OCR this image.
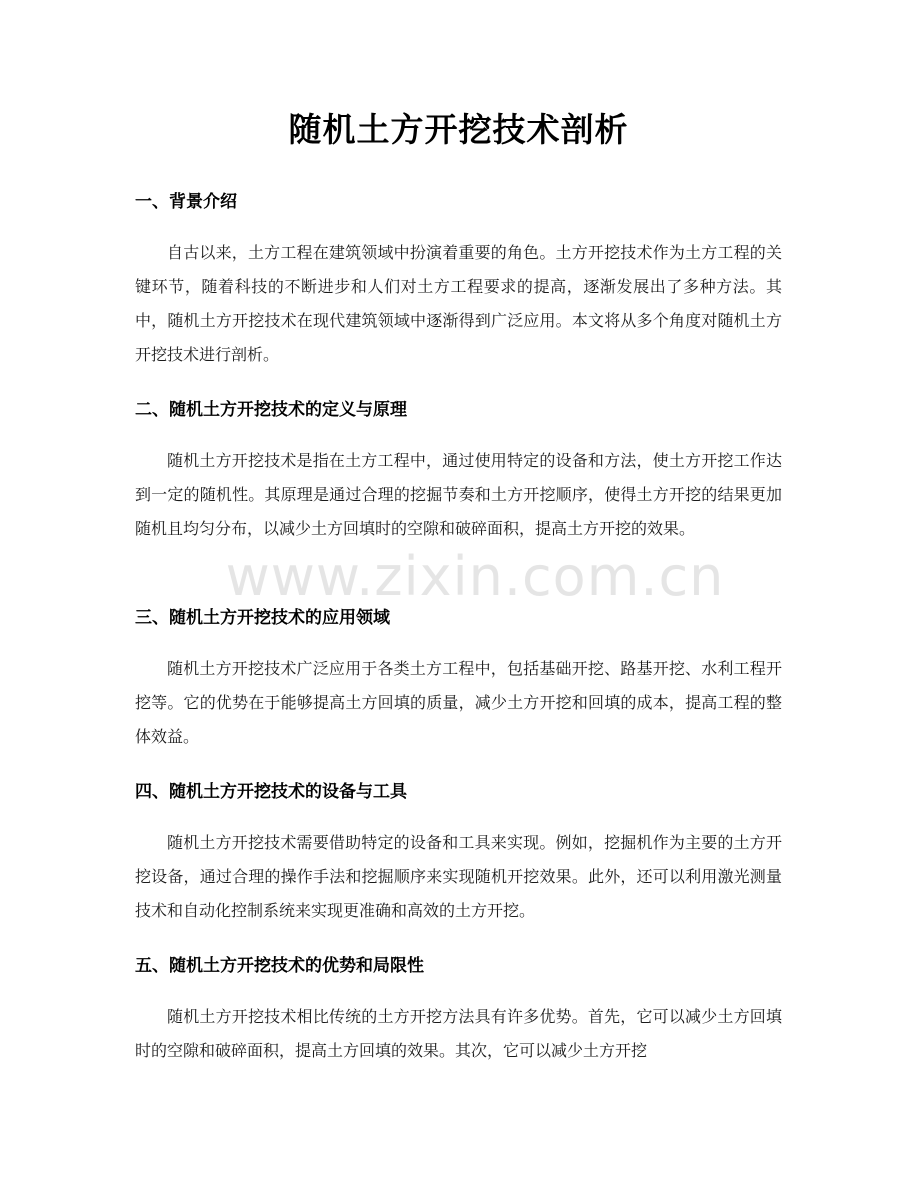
随机土方开挖技术剖析
一、背景介绍

自古以来，土方工程在建筑领域中扮演着重要的角色。土方开挖技术作为土方工程的关键环节，随着科技的不断进步和人们对土方工程要求的提高，逐渐发展出了多种方法。其中，随机土方开挖技术在现代建筑领域中逐渐得到广泛应用。本文将从多个角度对随机土方开挖技术进行剖析。

二、随机土方开挖技术的定义与原理

随机土方开挖技术是指在土方工程中，通过使用特定的设备和方法，使土方开挖工作达到一定的随机性。其原理是通过合理的挖掘节奏和土方开挖顺序，使得土方开挖的结果更加随机且均匀分布，以减少土方回填时的空隙和破碎面积，提高土方开挖的效果。

三、随机土方开挖技术的应用领域

随机土方开挖技术广泛应用于各类土方工程中，包括基础开挖、路基开挖、水利工程开挖等。它的优势在于能够提高土方回填的质量，减少土方开挖和回填的成本，提高工程的整体效益。

四、随机土方开挖技术的设备与工具

随机土方开挖技术需要借助特定的设备和工具来实现。例如，挖掘机作为主要的土方开挖设备，通过合理的操作手法和挖掘顺序来实现随机开挖效果。此外，还可以利用激光测量技术和自动化控制系统来实现更准确和高效的土方开挖。

五、随机土方开挖技术的优势和局限性

随机土方开挖技术相比传统的土方开挖方法具有许多优势。首先，它可以减少土方回填时的空隙和破碎面积，提高土方回填的效果。其次，它可以减少土方开挖

www.zixin.com.cn
